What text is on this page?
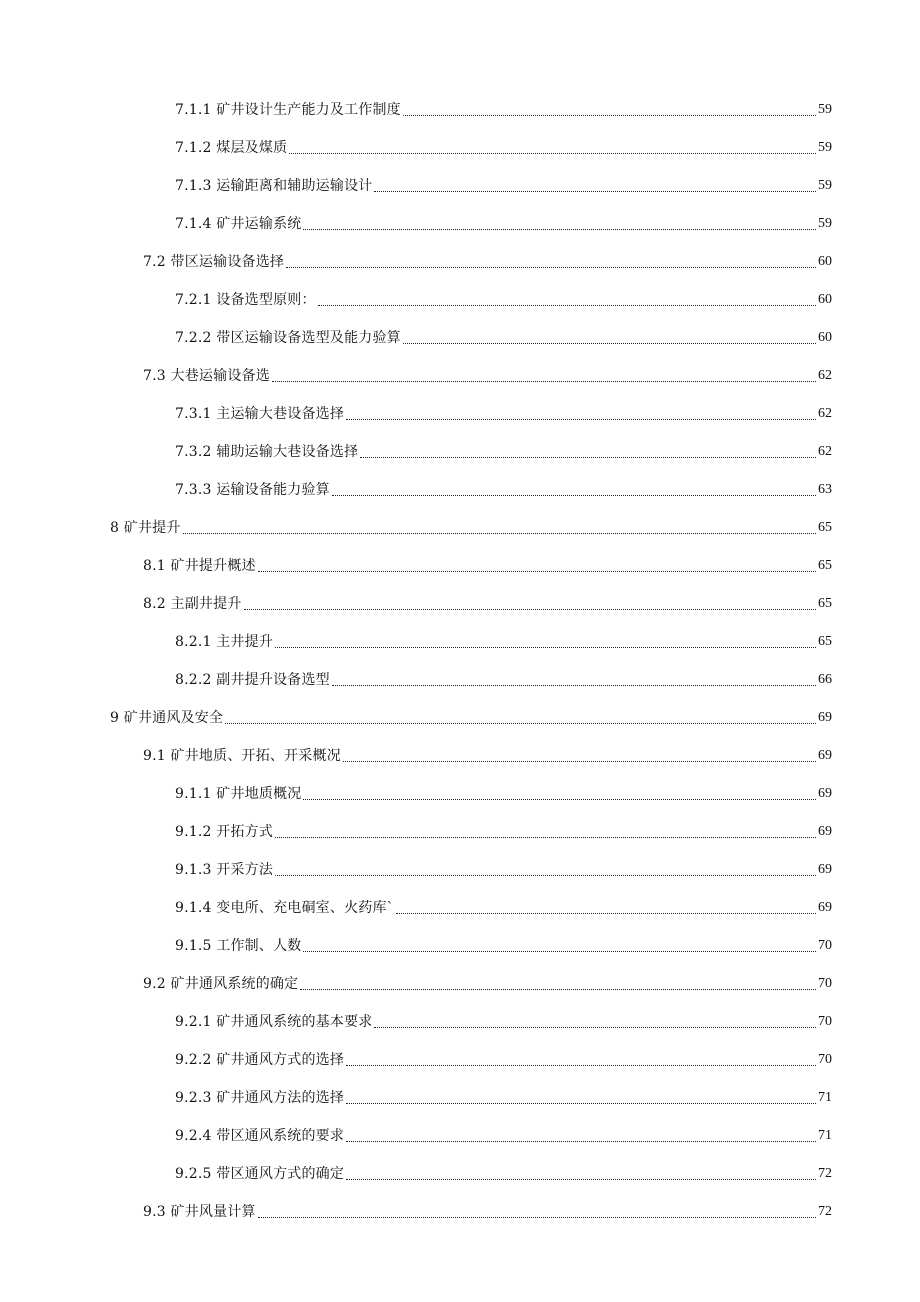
7.1.1 矿井设计生产能力及工作制度	59
7.1.2 煤层及煤质	59
7.1.3 运输距离和辅助运输设计	59
7.1.4 矿井运输系统	59
7.2 带区运输设备选择	60
7.2.1 设备选型原则：	60
7.2.2 带区运输设备选型及能力验算	60
7.3 大巷运输设备选	62
7.3.1 主运输大巷设备选择	62
7.3.2 辅助运输大巷设备选择	62
7.3.3 运输设备能力验算	63
8 矿井提升	65
8.1 矿井提升概述	65
8.2 主副井提升	65
8.2.1 主井提升	65
8.2.2 副井提升设备选型	66
9 矿井通风及安全	69
9.1 矿井地质、开拓、开采概况	69
9.1.1 矿井地质概况	69
9.1.2 开拓方式	69
9.1.3 开采方法	69
9.1.4 变电所、充电硐室、火药库`	69
9.1.5 工作制、人数	70
9.2 矿井通风系统的确定	70
9.2.1 矿井通风系统的基本要求	70
9.2.2 矿井通风方式的选择	70
9.2.3 矿井通风方法的选择	71
9.2.4 带区通风系统的要求	71
9.2.5 带区通风方式的确定	72
9.3 矿井风量计算	72
